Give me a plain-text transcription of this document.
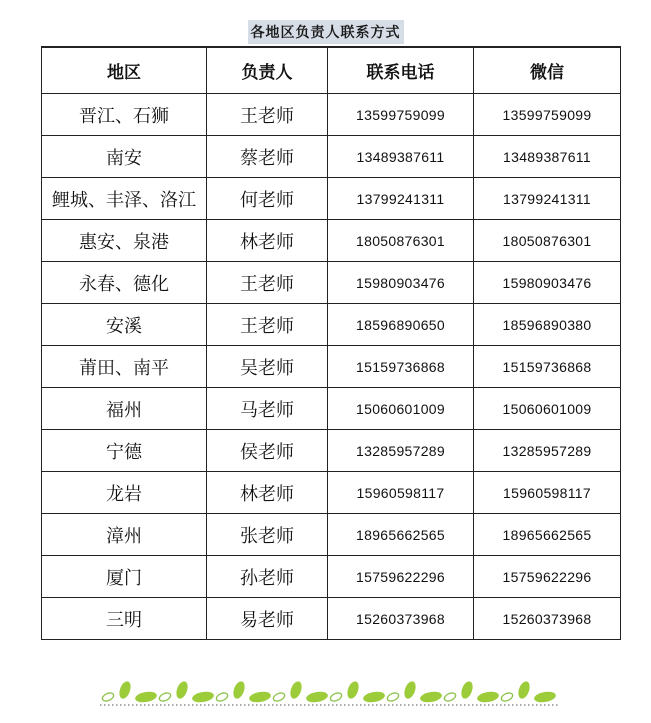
各地区负责人联系方式
地区	负责人	联系电话	微信
晋江、石狮	王老师	13599759099	13599759099
南安	蔡老师	13489387611	13489387611
鲤城、丰泽、洛江	何老师	13799241311	13799241311
惠安、泉港	林老师	18050876301	18050876301
永春、德化	王老师	15980903476	15980903476
安溪	王老师	18596890650	18596890380
莆田、南平	吴老师	15159736868	15159736868
福州	马老师	15060601009	15060601009
宁德	侯老师	13285957289	13285957289
龙岩	林老师	15960598117	15960598117
漳州	张老师	18965662565	18965662565
厦门	孙老师	15759622296	15759622296
三明	易老师	15260373968	15260373968
